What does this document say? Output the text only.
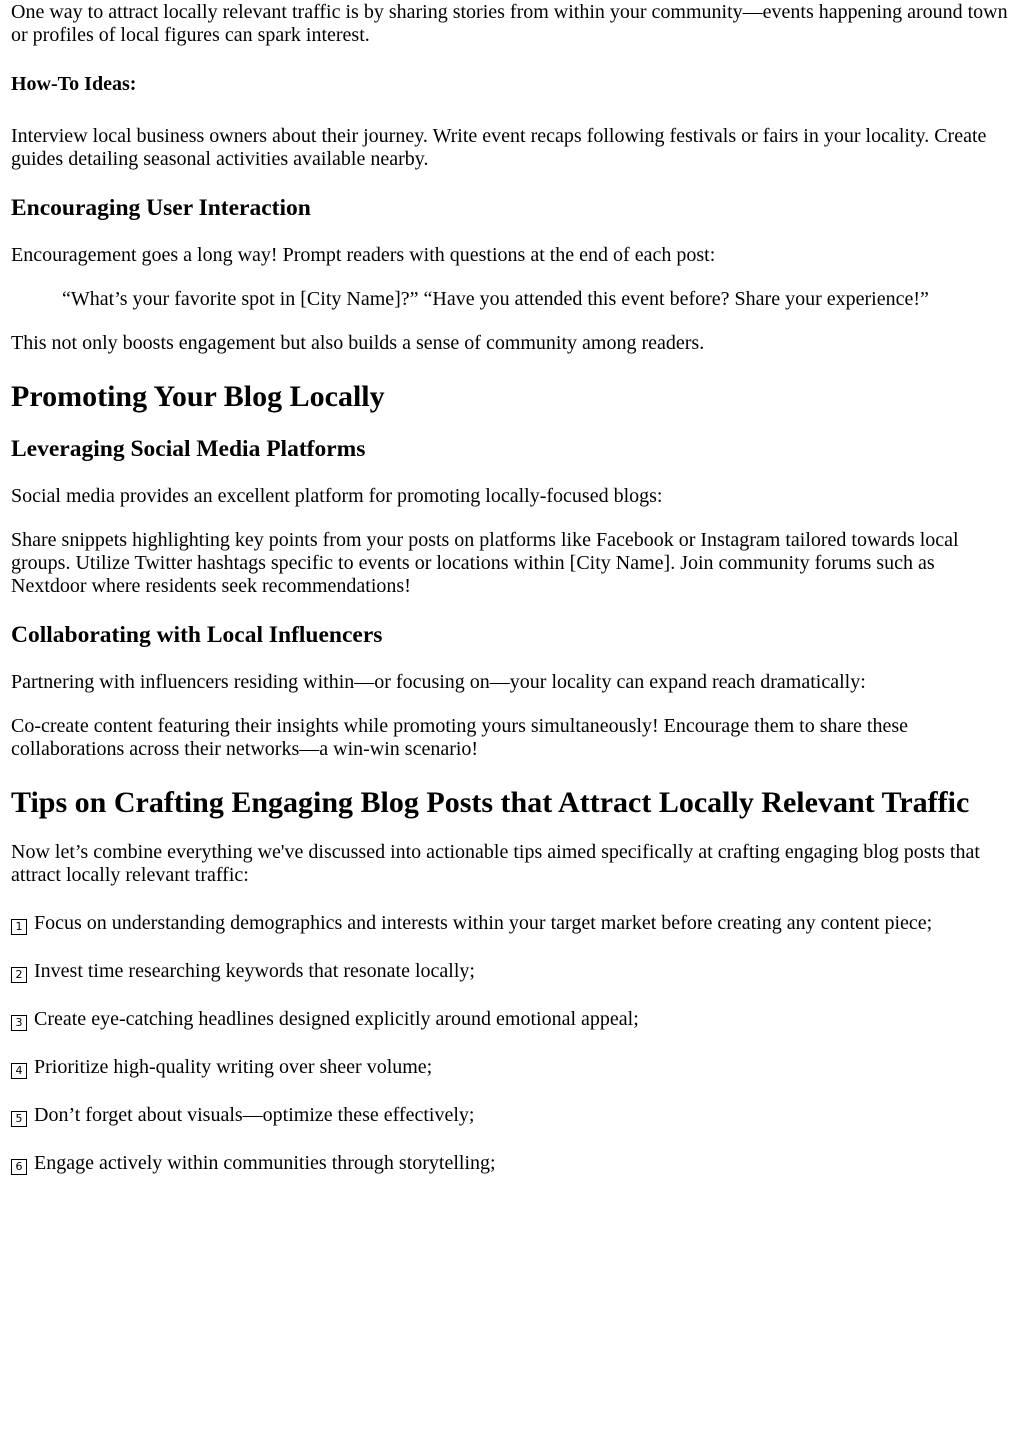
One way to attract locally relevant traffic is by sharing stories from within your community—events happening around town or profiles of local figures can spark interest.

How-To Ideas:

Interview local business owners about their journey. Write event recaps following festivals or fairs in your locality. Create guides detailing seasonal activities available nearby.

Encouraging User Interaction

Encouragement goes a long way! Prompt readers with questions at the end of each post:

“What’s your favorite spot in [City Name]?” “Have you attended this event before? Share your experience!”

This not only boosts engagement but also builds a sense of community among readers.

Promoting Your Blog Locally

Leveraging Social Media Platforms

Social media provides an excellent platform for promoting locally-focused blogs:

Share snippets highlighting key points from your posts on platforms like Facebook or Instagram tailored towards local groups. Utilize Twitter hashtags specific to events or locations within [City Name]. Join community forums such as Nextdoor where residents seek recommendations!

Collaborating with Local Influencers

Partnering with influencers residing within—or focusing on—your locality can expand reach dramatically:

Co-create content featuring their insights while promoting yours simultaneously! Encourage them to share these collaborations across their networks—a win-win scenario!

Tips on Crafting Engaging Blog Posts that Attract Locally Relevant Traffic

Now let’s combine everything we've discussed into actionable tips aimed specifically at crafting engaging blog posts that attract locally relevant traffic:

1 Focus on understanding demographics and interests within your target market before creating any content piece;

2 Invest time researching keywords that resonate locally;

3 Create eye-catching headlines designed explicitly around emotional appeal;

4 Prioritize high-quality writing over sheer volume;

5 Don’t forget about visuals—optimize these effectively;

6 Engage actively within communities through storytelling;
